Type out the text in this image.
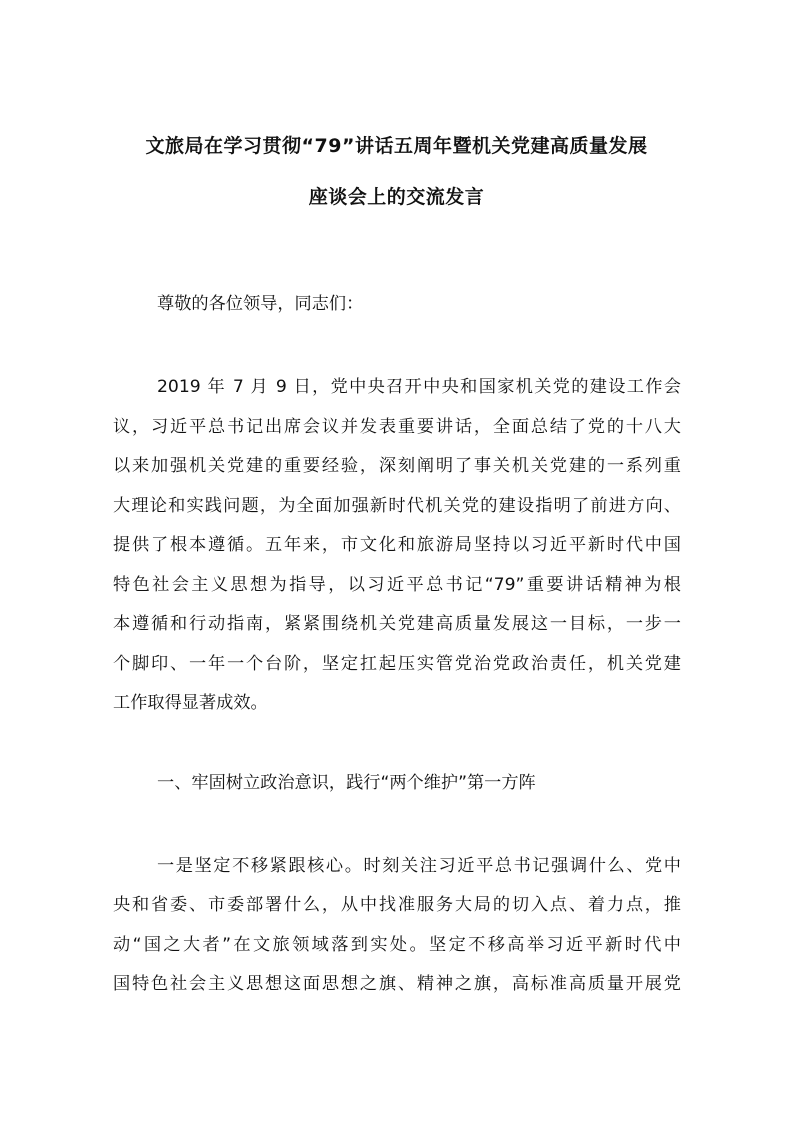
文旅局在学习贯彻“79”讲话五周年暨机关党建高质量发展
座谈会上的交流发言

尊敬的各位领导，同志们：

2019 年 7 月 9 日，党中央召开中央和国家机关党的建设工作会

议，习近平总书记出席会议并发表重要讲话，全面总结了党的十八大

以来加强机关党建的重要经验，深刻阐明了事关机关党建的一系列重

大理论和实践问题，为全面加强新时代机关党的建设指明了前进方向、

提供了根本遵循。五年来，市文化和旅游局坚持以习近平新时代中国

特色社会主义思想为指导，以习近平总书记“79”重要讲话精神为根

本遵循和行动指南，紧紧围绕机关党建高质量发展这一目标，一步一

个脚印、一年一个台阶，坚定扛起压实管党治党政治责任，机关党建

工作取得显著成效。

一、牢固树立政治意识，践行“两个维护”第一方阵

一是坚定不移紧跟核心。时刻关注习近平总书记强调什么、党中

央和省委、市委部署什么，从中找准服务大局的切入点、着力点，推

动“国之大者”在文旅领域落到实处。坚定不移高举习近平新时代中

国特色社会主义思想这面思想之旗、精神之旗，高标准高质量开展党
